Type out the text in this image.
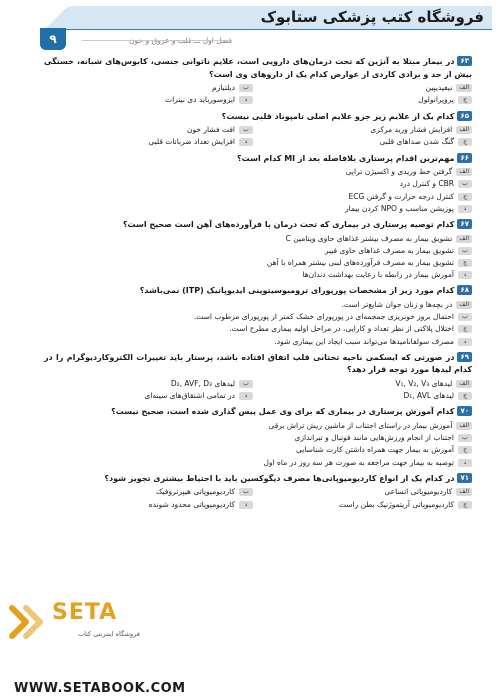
فروشگاه کتب پزشکی ستابوک
۹
۶۳در بیمار مبتلا به آنژین که تحت درمان‌های دارویی است، علایم ناتوانی جنسی، کابوس‌های شبانه، خستگی بیش از حد و برادی کاردی از عوارض کدام یک از داروهای وی است؟
الفنیفیدیپین
بدیلتیازم
جپروپرانولول
دایزوسورباید دی نیترات
۶۵کدام یک از علایم زیر جزو علایم اصلی تامپوناد قلبی نیست؟
الفافزایش فشار ورید مرکزی
بافت فشار خون
جگنگ شدن صداهای قلبی
دافزایش تعداد ضربانات قلبی
۶۶مهم‌ترین اقدام پرستاری بلافاصله بعد از MI کدام است؟
الفگرفتن خط وریدی و اکسیژن تراپی
بCBR و کنترل درد
جکنترل درجه حرارت و گرفتن ECG
دپوزیشن مناسب و NPO کردن بیمار
۶۷کدام توصیه پرستاری در بیماری که تحت درمان با فرآورده‌های آهن است صحیح است؟
الفتشویق بیمار به مصرف بیشتر غذاهای حاوی ویتامین C
بتشویق بیمار به مصرف غذاهای حاوی فیبر
جتشویق بیمار به مصرف فرآورده‌های لبنی بیشتر همراه با آهن
دآموزش بیمار در رابطه با رعایت بهداشت دندان‌ها
۶۸کدام مورد زیر از مشخصات پورپورای ترومبوسیتوپنی ایدیوپاتیک (ITP) نمی‌باشد؟
الفدر بچه‌ها و زنان جوان شایع‌تر است.
باحتمال بروز خونریزی جمجمه‌ای در پورپورای خشک کمتر از پورپورای مرطوب است.
جاختلال پلاکتی از نظر تعداد و کارایی، در مراحل اولیه بیماری مطرح است.
دمصرف سولفانامیدها می‌تواند سبب ایجاد این بیماری شود.
۶۹در صورتی که ایسکمی ناحیه تحتانی قلب اتفاق افتاده باشد، پرستار باید تغییرات الکتروکاردیوگرام را در کدام لیدها مورد توجه قرار دهد؟
الفلیدهای V₁, V₂, V₃
بلیدهای D₂, AVF, D₃
جلیدهای D₁, AVL
ددر تمامی اشتقاق‌های سینه‌ای
۷۰کدام آموزش پرستاری در بیماری که برای وی عمل پیس گذاری شده است، صحیح نیست؟
الفآموزش بیمار در راستای اجتناب از ماشین ریش تراش برقی
باجتناب از انجام ورزش‌هایی مانند فوتبال و تیراندازی
جآموزش به بیمار جهت همراه داشتن کارت شناسایی
دتوصیه به بیمار جهت مراجعه به صورت هر سه روز در ماه اول
۷۱در کدام یک از انواع کاردیومیوپاتی‌ها مصرف دیگوکسین باید با احتیاط بیشتری تجویز شود؟
الفکاردیومیوپاتی اتساعی
بکاردیومیوپاتی هیپرتروفیک
جکاردیومیوپاتی آریتموژنیک بطن راست
دکاردیومیوپاتی محدود شونده
SETA
فروشگاه اینترنتی کتاب
WWW.SETABOOK.COM
